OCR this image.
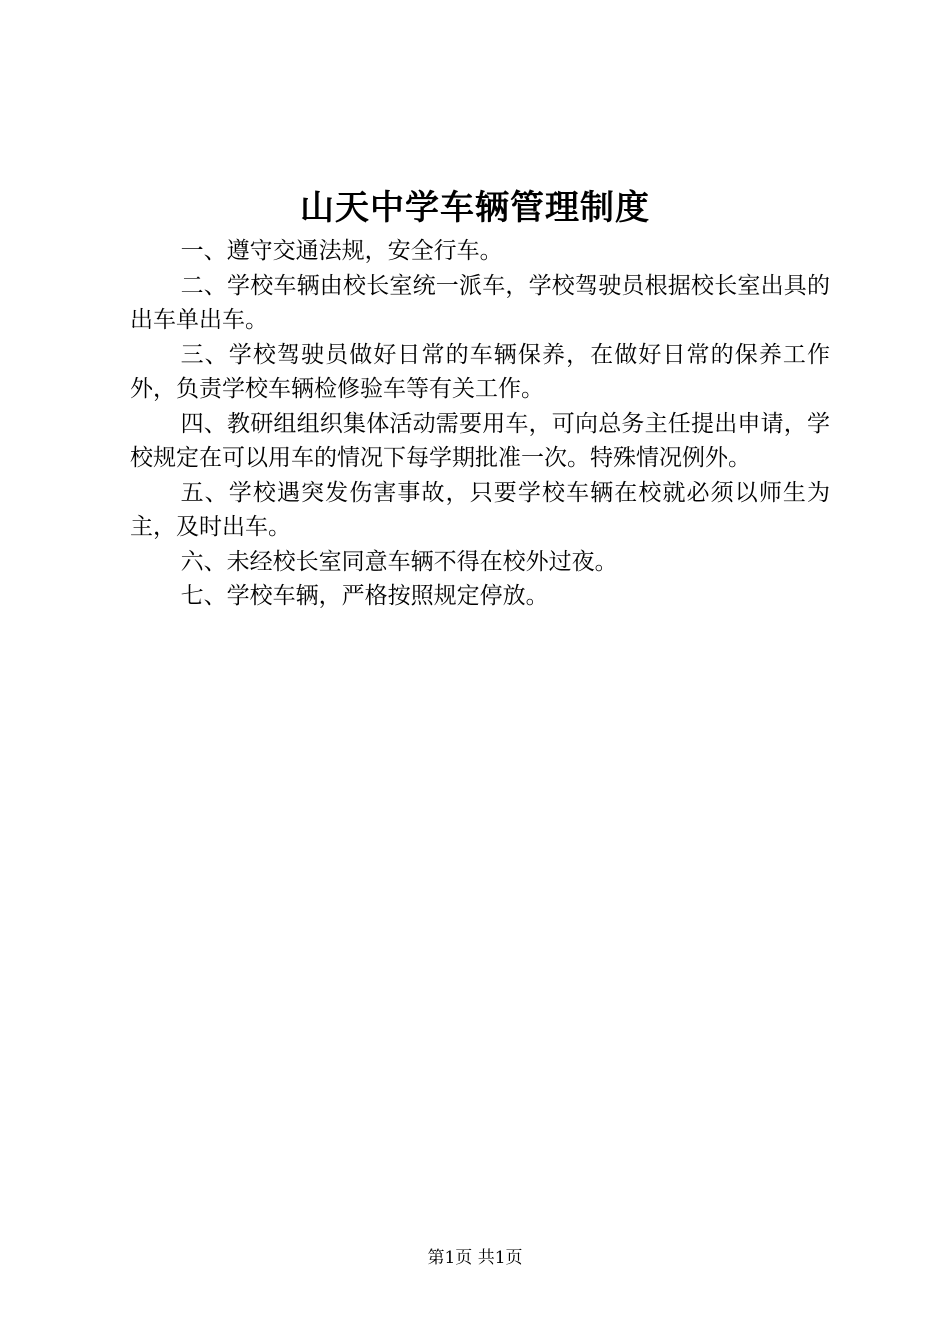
山天中学车辆管理制度

一、遵守交通法规，安全行车。

二、学校车辆由校长室统一派车，学校驾驶员根据校长室出具的出车单出车。

三、学校驾驶员做好日常的车辆保养，在做好日常的保养工作外，负责学校车辆检修验车等有关工作。

四、教研组组织集体活动需要用车，可向总务主任提出申请，学校规定在可以用车的情况下每学期批准一次。特殊情况例外。

五、学校遇突发伤害事故，只要学校车辆在校就必须以师生为主，及时出车。

六、未经校长室同意车辆不得在校外过夜。

七、学校车辆，严格按照规定停放。

第1页 共1页
